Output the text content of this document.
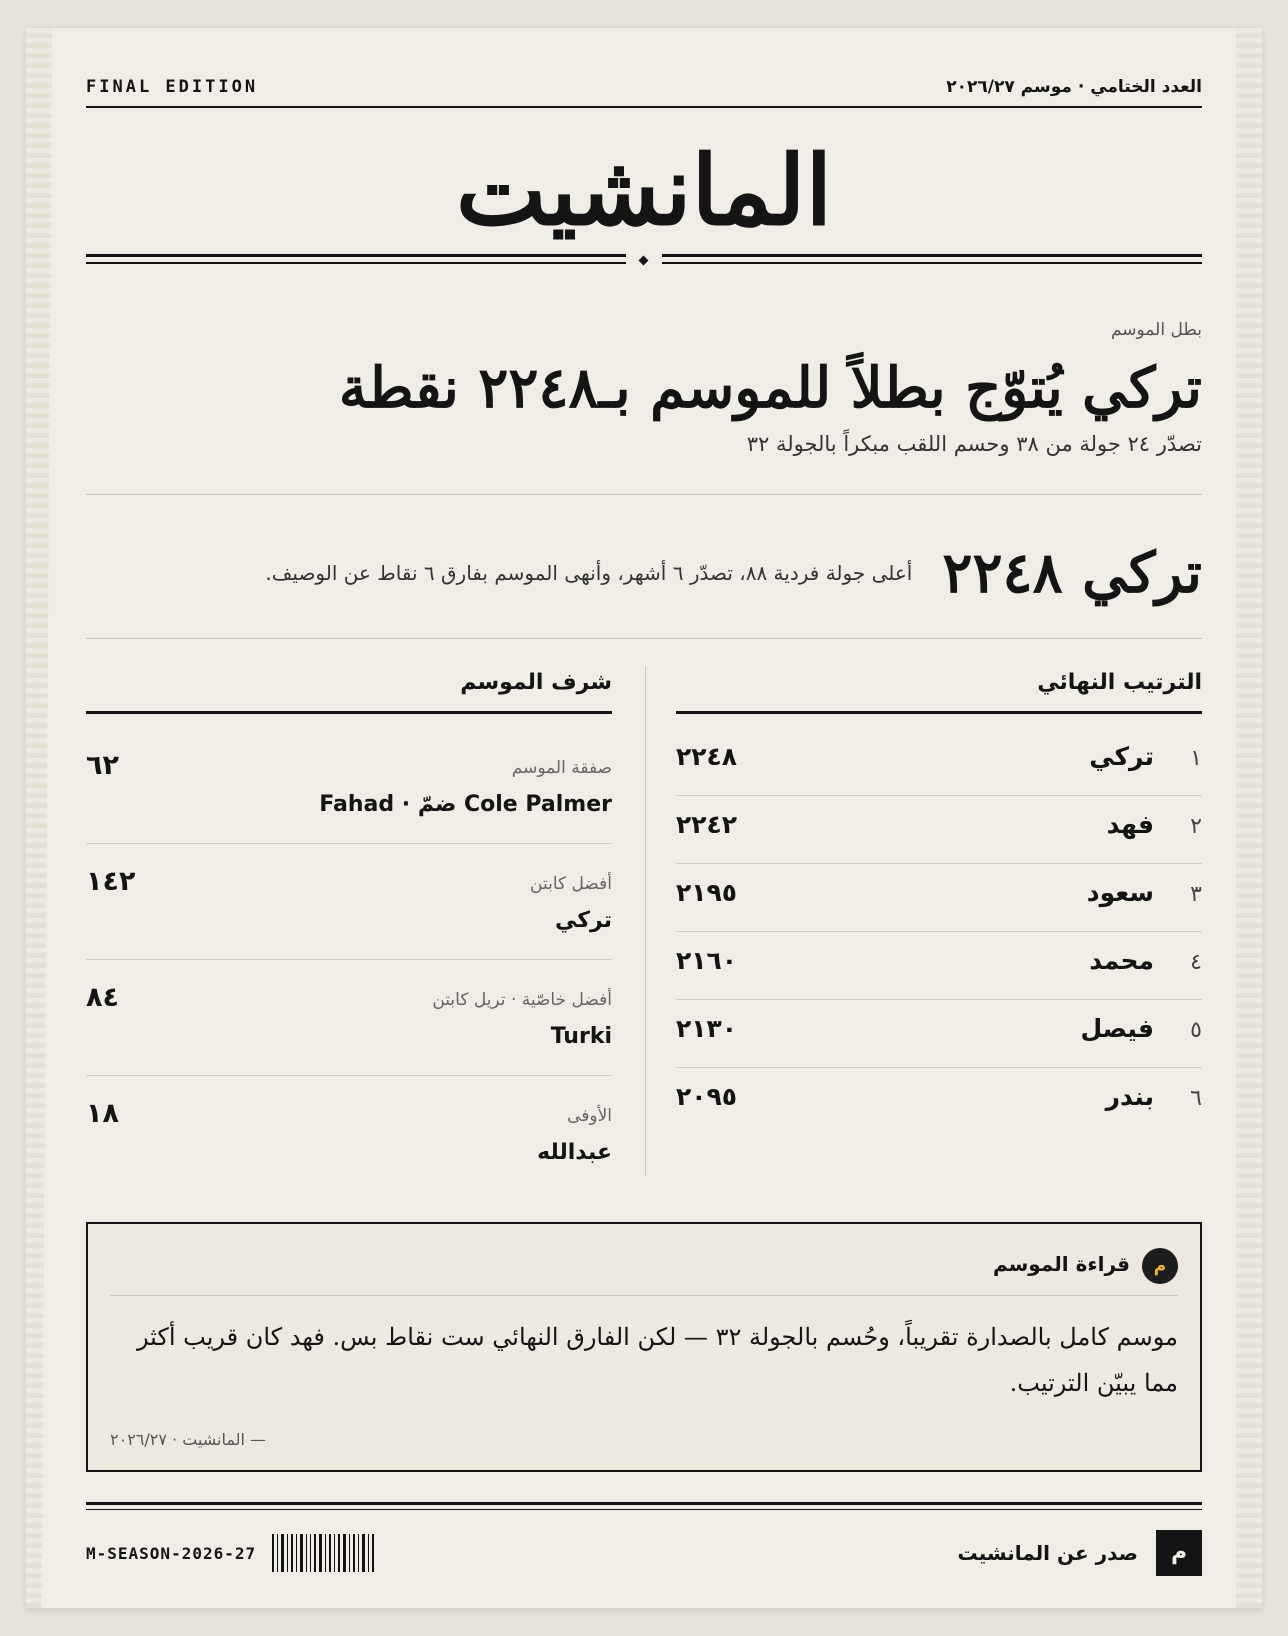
FINAL EDITION	العدد الختامي · موسم ٢٠٢٦/٢٧
المانشيت
بطل الموسم
تركي يُتوّج بطلاً للموسم بـ٢٢٤٨ نقطة
تصدّر ٢٤ جولة من ٣٨ وحسم اللقب مبكراً بالجولة ٣٢
تركي ٢٢٤٨
أعلى جولة فردية ٨٨، تصدّر ٦ أشهر، وأنهى الموسم بفارق ٦ نقاط عن الوصيف.
الترتيب النهائي
شرف الموسم
١
تركي
٢٢٤٨
٢
فهد
٢٢٤٢
٣
سعود
٢١٩٥
٤
محمد
٢١٦٠
٥
فيصل
٢١٣٠
٦
بندر
٢٠٩٥
صفقة الموسم
Cole Palmer ضمّ · Fahad
٦٢
أفضل كابتن
تركي
١٤٢
أفضل خاصّية · تريل كابتن
Turki
٨٤
الأوفى
عبدالله
١٨
م
قراءة الموسم

موسم كامل بالصدارة تقريباً، وحُسم بالجولة ٣٢ — لكن الفارق النهائي ست نقاط بس. فهد كان قريب أكثر مما يبيّن الترتيب.

— المانشيت · ٢٠٢٦/٢٧
M-SEASON-2026-27	م
صدر عن المانشيت
